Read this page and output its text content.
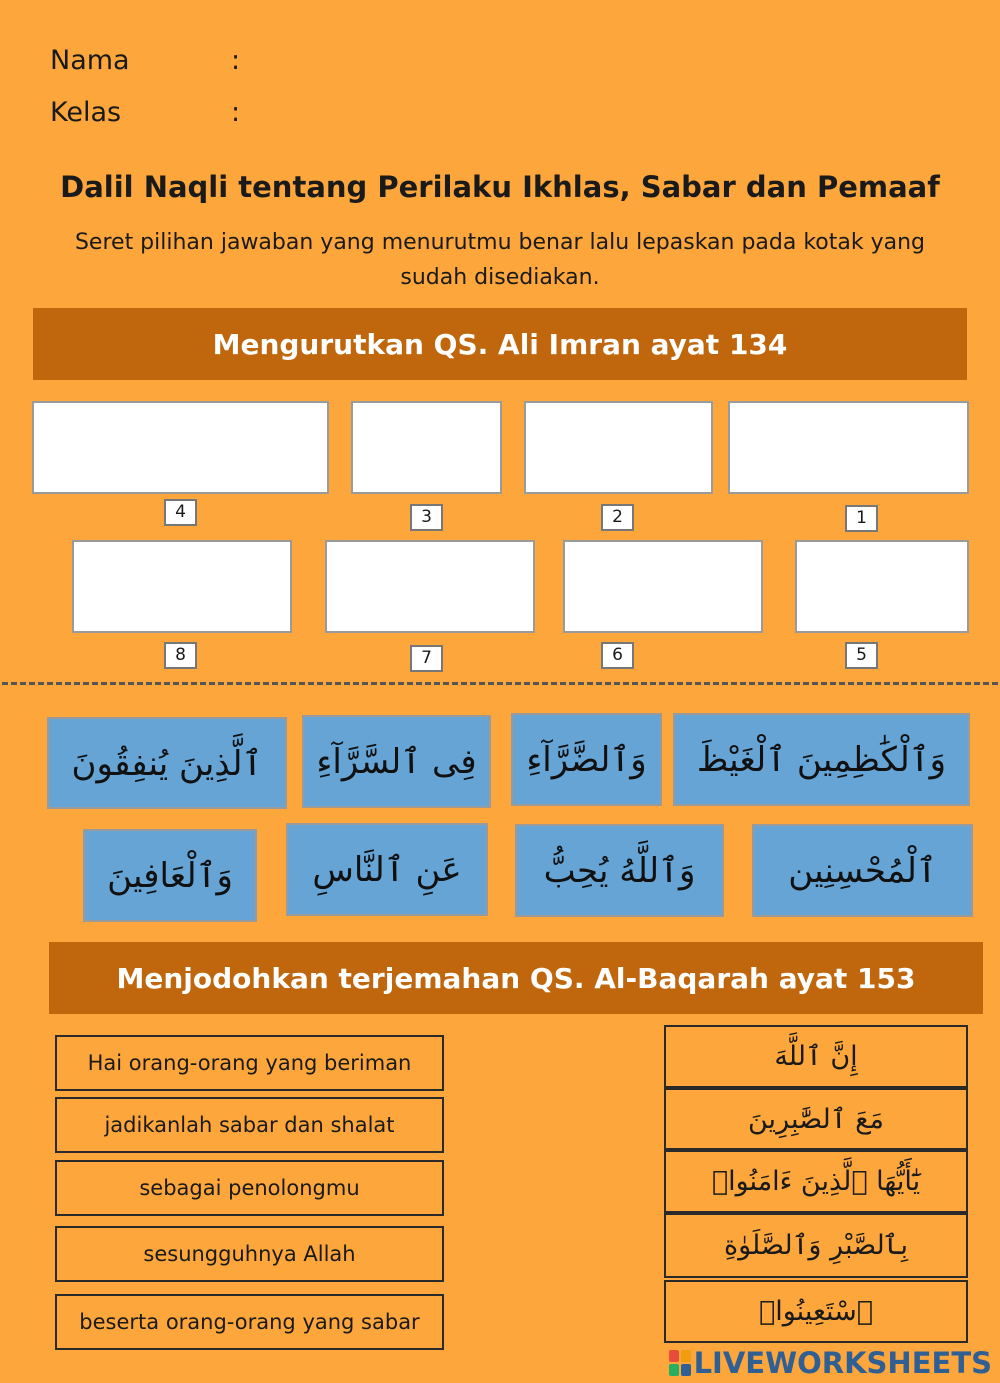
Nama	:
Kelas	:
Dalil Naqli tentang Perilaku Ikhlas, Sabar dan Pemaaf
Seret pilihan jawaban yang menurutmu benar lalu lepaskan pada kotak yang sudah disediakan.
Mengurutkan QS. Ali Imran ayat 134
4	3	2	1
8	7	6	5
ٱلَّذِينَ يُنفِقُونَ	فِى ٱلسَّرَّآءِ	وَٱلضَّرَّآءِ	وَٱلْكَٰظِمِينَ ٱلْغَيْظَ
وَٱلْعَافِينَ	عَنِ ٱلنَّاسِ	وَٱللَّهُ يُحِبُّ	ٱلْمُحْسِنِين
Menjodohkan terjemahan QS. Al-Baqarah ayat 153
Hai orang-orang yang beriman
jadikanlah sabar dan shalat
sebagai penolongmu
sesungguhnya Allah
beserta orang-orang yang sabar
إِنَّ ٱللَّهَ
مَعَ ٱلصَّٰبِرِينَ
يَٰٓأَيُّهَا ٱلَّذِينَ ءَامَنُوا۟
بِٱلصَّبْرِ وَٱلصَّلَوٰةِ
ٱسْتَعِينُوا۟
LIVEWORKSHEETS
